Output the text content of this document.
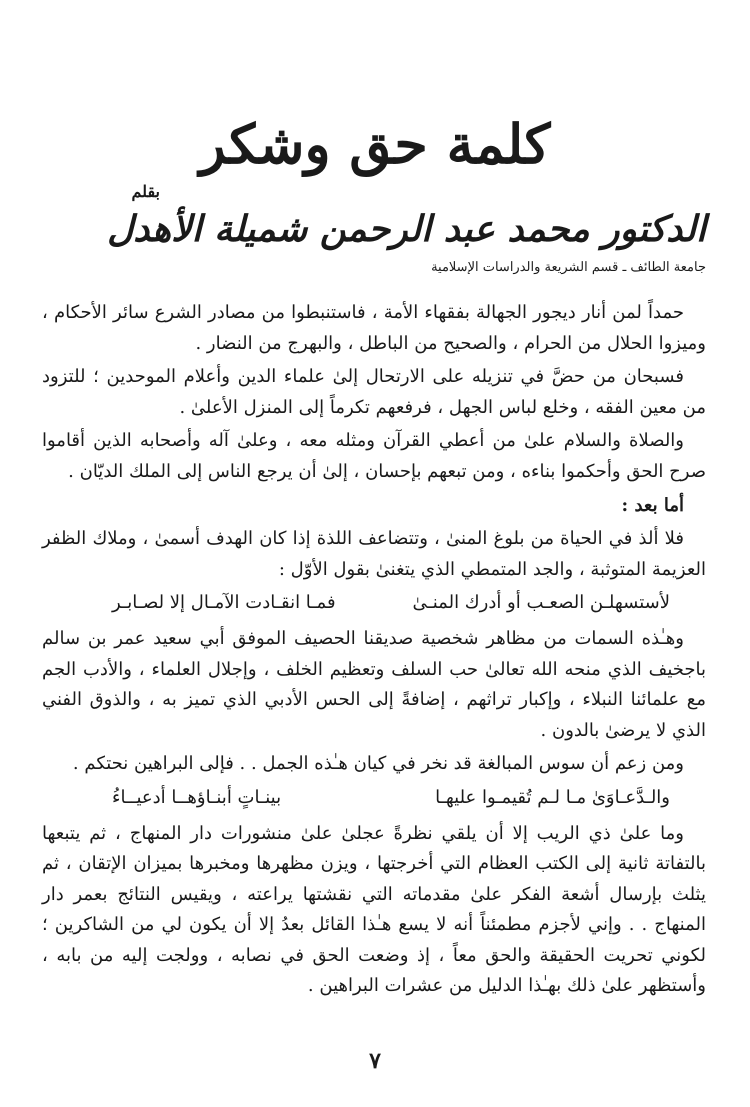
كلمة حق وشكر
بقلم
الدكتور محمد عبد الرحمن شميلة الأهدل
جامعة الطائف ـ قسم الشريعة والدراسات الإسلامية

حمداً لمن أنار ديجور الجهالة بفقهاء الأمة ، فاستنبطوا من مصادر الشرع سائر الأحكام ، وميزوا الحلال من الحرام ، والصحيح من الباطل ، والبهرج من النضار .

فسبحان من حضَّ في تنزيله على الارتحال إلىٰ علماء الدين وأعلام الموحدين ؛ للتزود من معين الفقه ، وخلع لباس الجهل ، فرفعهم تكرماً إلى المنزل الأعلىٰ .

والصلاة والسلام علىٰ من أعطي القرآن ومثله معه ، وعلىٰ آله وأصحابه الذين أقاموا صرح الحق وأحكموا بناءه ، ومن تبعهم بإحسان ، إلىٰ أن يرجع الناس إلى الملك الديّان .

أما بعد :

فلا ألذ في الحياة من بلوغ المنىٰ ، وتتضاعف اللذة إذا كان الهدف أسمىٰ ، وملاك الظفر العزيمة المتوثبة ، والجد المتمطي الذي يتغنىٰ بقول الأوّل :

لأستسهلـن الصعـب أو أدرك المنـىٰ
فمـا انقـادت الآمـال إلا لصـابـر

وهـٰذه السمات من مظاهر شخصية صديقنا الحصيف الموفق أبي سعيد عمر بن سالم باجخيف الذي منحه الله تعالىٰ حب السلف وتعظيم الخلف ، وإجلال العلماء ، والأدب الجم مع علمائنا النبلاء ، وإكبار تراثهم ، إضافةً إلى الحس الأدبي الذي تميز به ، والذوق الفني الذي لا يرضىٰ بالدون .

ومن زعم أن سوس المبالغة قد نخر في كيان هـٰذه الجمل . . فإلى البراهين نحتكم .

والـدَّعـاوَىٰ مـا لـم تُقيمـوا عليهـا
بينـاتٍ أبنـاؤهــا أدعيــاءُ

وما علىٰ ذي الريب إلا أن يلقي نظرةً عجلىٰ علىٰ منشورات دار المنهاج ، ثم يتبعها بالتفاتة ثانية إلى الكتب العظام التي أخرجتها ، ويزن مظهرها ومخبرها بميزان الإتقان ، ثم يثلث بإرسال أشعة الفكر علىٰ مقدماته التي نقشتها يراعته ، ويقيس النتائج بعمر دار المنهاج . . وإني لأجزم مطمئناً أنه لا يسع هـٰذا القائل بعدُ إلا أن يكون لي من الشاكرين ؛ لكوني تحريت الحقيقة والحق معاً ، إذ وضعت الحق في نصابه ، وولجت إليه من بابه ، وأستظهر علىٰ ذلك بهـٰذا الدليل من عشرات البراهين .

٧
